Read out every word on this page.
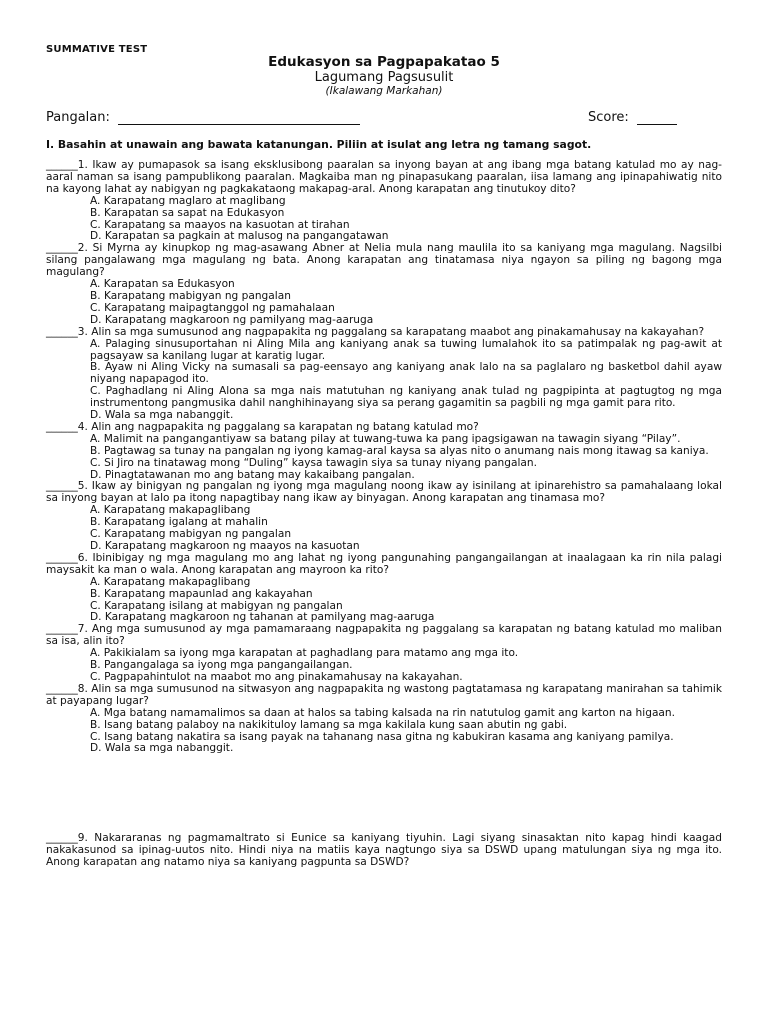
SUMMATIVE TEST
Edukasyon sa Pagpapakatao 5
Lagumang Pagsusulit
(Ikalawang Markahan)
Pangalan:	Score:
I. Basahin at unawain ang bawata katanungan. Piliin at isulat ang letra ng tamang sagot.

______1. Ikaw ay pumapasok sa isang eksklusibong paaralan sa inyong bayan at ang ibang mga batang katulad mo ay nag-aaral naman sa isang pampublikong paaralan. Magkaiba man ng pinapasukang paaralan, iisa lamang ang ipinapahiwatig nito na kayong lahat ay nabigyan ng pagkakataong makapag-aral. Anong karapatan ang tinutukoy dito?

A. Karapatang maglaro at maglibang

B. Karapatan sa sapat na Edukasyon

C. Karapatang sa maayos na kasuotan at tirahan

D. Karapatan sa pagkain at malusog na pangangatawan

______2. Si Myrna ay kinupkop ng mag-asawang Abner at Nelia mula nang maulila ito sa kaniyang mga magulang. Nagsilbi silang pangalawang mga magulang ng bata. Anong karapatan ang tinatamasa niya ngayon sa piling ng bagong mga magulang?

A. Karapatan sa Edukasyon

B. Karapatang mabigyan ng pangalan

C. Karapatang maipagtanggol ng pamahalaan

D. Karapatang magkaroon ng pamilyang mag-aaruga

______3. Alin sa mga sumusunod ang nagpapakita ng paggalang sa karapatang maabot ang pinakamahusay na kakayahan?

A. Palaging sinusuportahan ni Aling Mila ang kaniyang anak sa tuwing lumalahok ito sa patimpalak ng pag-awit at pagsayaw sa kanilang lugar at karatig lugar.

B. Ayaw ni Aling Vicky na sumasali sa pag-eensayo ang kaniyang anak lalo na sa paglalaro ng basketbol dahil ayaw niyang napapagod ito.

C. Paghadlang ni Aling Alona sa mga nais matutuhan ng kaniyang anak tulad ng pagpipinta at pagtugtog ng mga instrumentong pangmusika dahil nanghihinayang siya sa perang gagamitin sa pagbili ng mga gamit para rito.

D. Wala sa mga nabanggit.

______4. Alin ang nagpapakita ng paggalang sa karapatan ng batang katulad mo?

A. Malimit na pangangantiyaw sa batang pilay at tuwang-tuwa ka pang ipagsigawan na tawagin siyang “Pilay”.

B. Pagtawag sa tunay na pangalan ng iyong kamag-aral kaysa sa alyas nito o anumang nais mong itawag sa kaniya.

C. Si Jiro na tinatawag mong “Duling” kaysa tawagin siya sa tunay niyang pangalan.

D. Pinagtatawanan mo ang batang may kakaibang pangalan.

______5. Ikaw ay binigyan ng pangalan ng iyong mga magulang noong ikaw ay isinilang at ipinarehistro sa pamahalaang lokal sa inyong bayan at lalo pa itong napagtibay nang ikaw ay binyagan. Anong karapatan ang tinamasa mo?

A. Karapatang makapaglibang

B. Karapatang igalang at mahalin

C. Karapatang mabigyan ng pangalan

D. Karapatang magkaroon ng maayos na kasuotan

______6. Ibinibigay ng mga magulang mo ang lahat ng iyong pangunahing pangangailangan at inaalagaan ka rin nila palagi maysakit ka man o wala. Anong karapatan ang mayroon ka rito?

A. Karapatang makapaglibang

B. Karapatang mapaunlad ang kakayahan

C. Karapatang isilang at mabigyan ng pangalan

D. Karapatang magkaroon ng tahanan at pamilyang mag-aaruga

______7. Ang mga sumusunod ay mga pamamaraang nagpapakita ng paggalang sa karapatan ng batang katulad mo maliban sa isa, alin ito?

A. Pakikialam sa iyong mga karapatan at paghadlang para matamo ang mga ito.

B. Pangangalaga sa iyong mga pangangailangan.

C. Pagpapahintulot na maabot mo ang pinakamahusay na kakayahan.

______8. Alin sa mga sumusunod na sitwasyon ang nagpapakita ng wastong pagtatamasa ng karapatang manirahan sa tahimik at payapang lugar?

A. Mga batang namamalimos sa daan at halos sa tabing kalsada na rin natutulog gamit ang karton na higaan.

B. Isang batang palaboy na nakikituloy lamang sa mga kakilala kung saan abutin ng gabi.

C. Isang batang nakatira sa isang payak na tahanang nasa gitna ng kabukiran kasama ang kaniyang pamilya.

D. Wala sa mga nabanggit.

______9. Nakararanas ng pagmamaltrato si Eunice sa kaniyang tiyuhin. Lagi siyang sinasaktan nito kapag hindi kaagad nakakasunod sa ipinag-uutos nito. Hindi niya na matiis kaya nagtungo siya sa DSWD upang matulungan siya ng mga ito. Anong karapatan ang natamo niya sa kaniyang pagpunta sa DSWD?
